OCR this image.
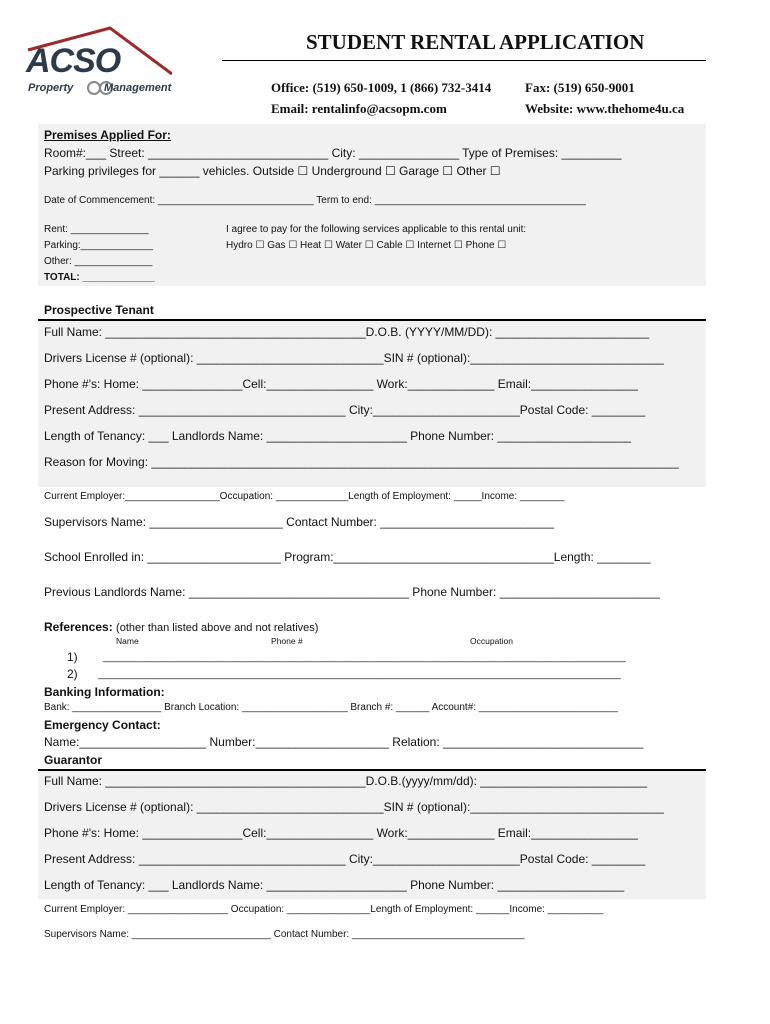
ACSO
Property	Management
STUDENT RENTAL APPLICATION
Office: (519) 650-1009, 1 (866) 732-3414	Fax: (519) 650-9001
Email: rentalinfo@acsopm.com	Website: www.thehome4u.ca
Premises Applied For:
Room#:___ Street: ___________________________ City: _______________ Type of Premises: _________
Parking privileges for ______ vehicles. Outside ☐ Underground ☐ Garage ☐ Other ☐
Date of Commencement: ____________________________ Term to end: ______________________________________
Rent: ______________
Parking:_____________
Other: ______________
TOTAL: _____________
I agree to pay for the following services applicable to this rental unit:
Hydro ☐ Gas ☐ Heat ☐ Water ☐ Cable ☐ Internet ☐ Phone ☐
Prospective Tenant
Full Name: _______________________________________D.O.B. (YYYY/MM/DD): _______________________
Drivers License # (optional): ____________________________SIN # (optional):_____________________________
Phone #'s: Home: _______________Cell:________________ Work:_____________ Email:________________
Present Address: _______________________________ City:______________________Postal Code: ________
Length of Tenancy: ___ Landlords Name: _____________________ Phone Number: ____________________
Reason for Moving: _______________________________________________________________________________
Current Employer:_________________Occupation: _____________Length of Employment: _____Income: ________
Supervisors Name: ____________________ Contact Number: __________________________
School Enrolled in: ____________________ Program:_________________________________Length: ________
Previous Landlords Name: _________________________________ Phone Number: ________________________
References: (other than listed above and not relatives)
Name	Phone #	Occupation
1)	______________________________________________________________________________________________
2) ______________________________________________________________________________________________
Banking Information:
Bank: ________________ Branch Location: ___________________ Branch #: ______ Account#: _________________________
Emergency Contact:
Name:___________________ Number:____________________ Relation: ______________________________
Guarantor
Full Name: _______________________________________D.O.B.(yyyy/mm/dd): _________________________
Drivers License # (optional): ____________________________SIN # (optional):_____________________________
Phone #'s: Home: _______________Cell:________________ Work:_____________ Email:________________
Present Address: _______________________________ City:______________________Postal Code: ________
Length of Tenancy: ___ Landlords Name: _____________________ Phone Number: ___________________
Current Employer: __________________ Occupation: _______________Length of Employment: ______Income: __________
Supervisors Name: _________________________ Contact Number: _______________________________
